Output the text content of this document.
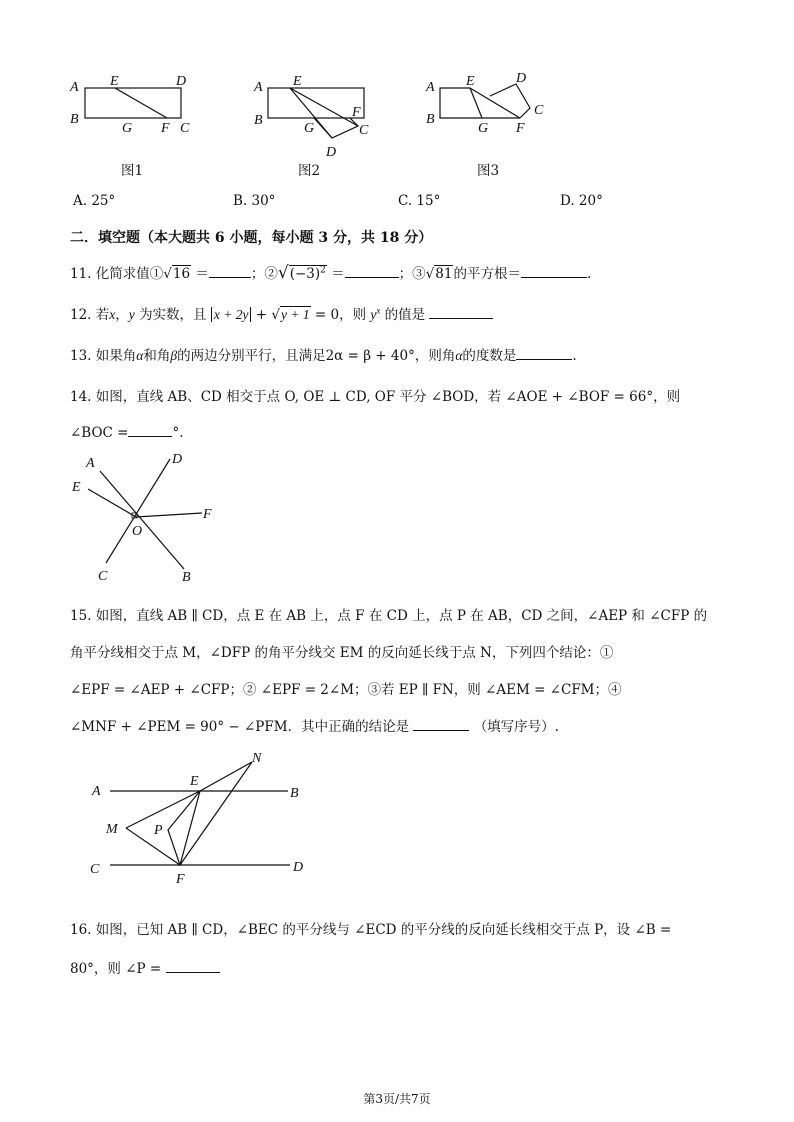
A
B
E	D
G F C
A
B
E
F
G	C
D
A
B
E	D
C
G F
图1	图2	图3
A. 25°	B. 30°	C. 15°	D. 20°
二．填空题（本大题共 6 小题，每小题 3 分，共 18 分）
11. 化简求值①√16 ＝	；$②√(-3)^2$ ＝	；③√81的平方根＝	.
12. 若x，y 为实数，且 x + 2y + √y + 1 = 0，则 $y^x$ 的值是
13. 如果角α和角β的两边分别平行，且满足2α = β + 40°，则角α的度数是	.
14. 如图，直线 AB、CD 相交于点 O, OE ⊥ CD, OF 平分 ∠BOD，若 ∠AOE + ∠BOF = 66°，则
∠BOC =	°.
A	D
E
F
O
C	B
15. 如图，直线 AB ∥ CD，点 E 在 AB 上，点 F 在 CD 上，点 P 在 AB，CD 之间，∠AEP 和 ∠CFP 的
角平分线相交于点 M，∠DFP 的角平分线交 EM 的反向延长线于点 N，下列四个结论：①
∠EPF = ∠AEP + ∠CFP；② ∠EPF = 2∠M；③若 EP ∥ FN，则 ∠AEM = ∠CFM；④
∠MNF + ∠PEM = 90° − ∠PFM．其中正确的结论是	（填写序号）.
A	B
C	D
E
F
M
N
P
16. 如图，已知 AB ∥ CD，∠BEC 的平分线与 ∠ECD 的平分线的反向延长线相交于点 P，设 ∠B =
80°，则 ∠P =
第3页/共7页
